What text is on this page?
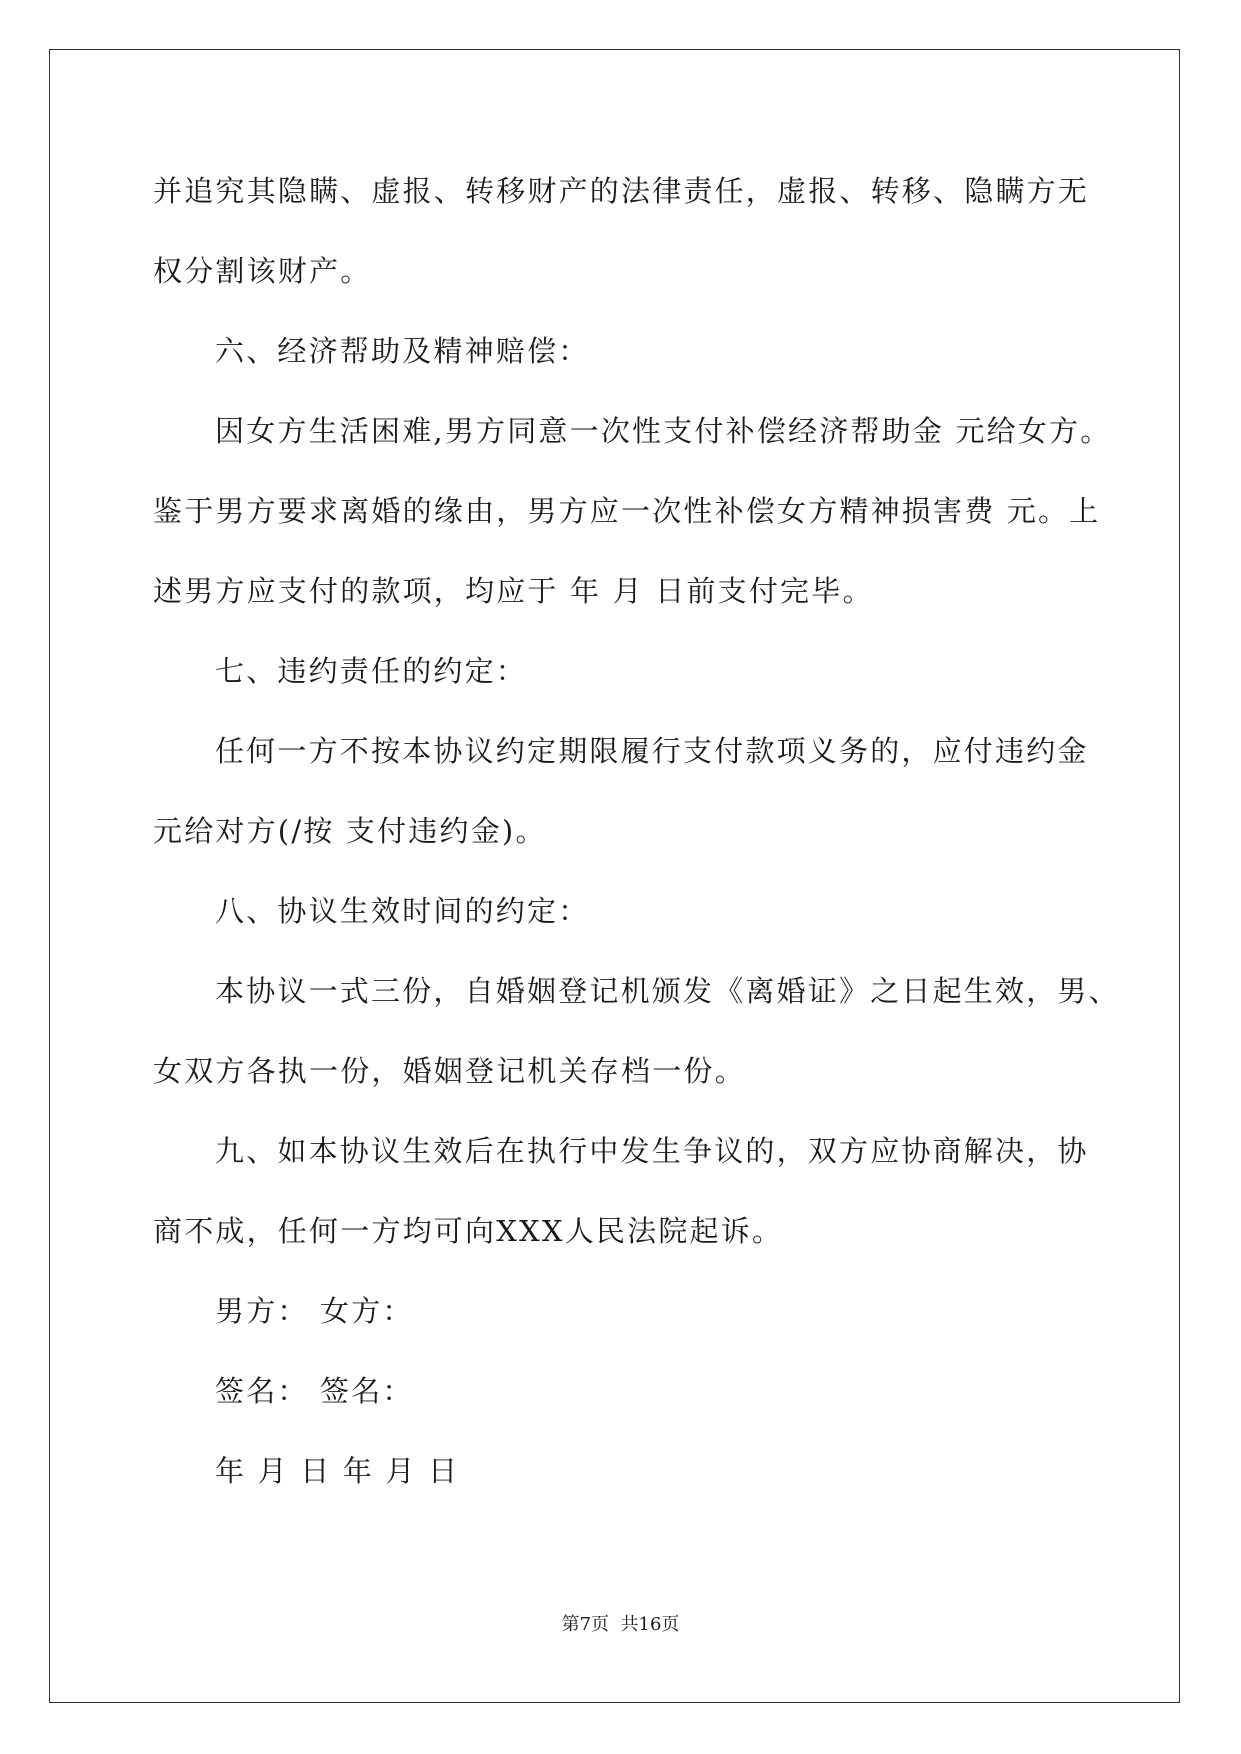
并追究其隐瞒、虚报、转移财产的法律责任，虚报、转移、隐瞒方无
权分割该财产。
六、经济帮助及精神赔偿：
因女方生活困难,男方同意一次性支付补偿经济帮助金 元给女方。
鉴于男方要求离婚的缘由，男方应一次性补偿女方精神损害费 元。上
述男方应支付的款项，均应于 年 月 日前支付完毕。
七、违约责任的约定：
任何一方不按本协议约定期限履行支付款项义务的，应付违约金
元给对方(/按 支付违约金)。
八、协议生效时间的约定：
本协议一式三份，自婚姻登记机颁发《离婚证》之日起生效，男、
女双方各执一份，婚姻登记机关存档一份。
九、如本协议生效后在执行中发生争议的，双方应协商解决，协
商不成，任何一方均可向XXX人民法院起诉。
男方： 女方：
签名： 签名：
年 月 日 年 月 日
第7页  共16页
